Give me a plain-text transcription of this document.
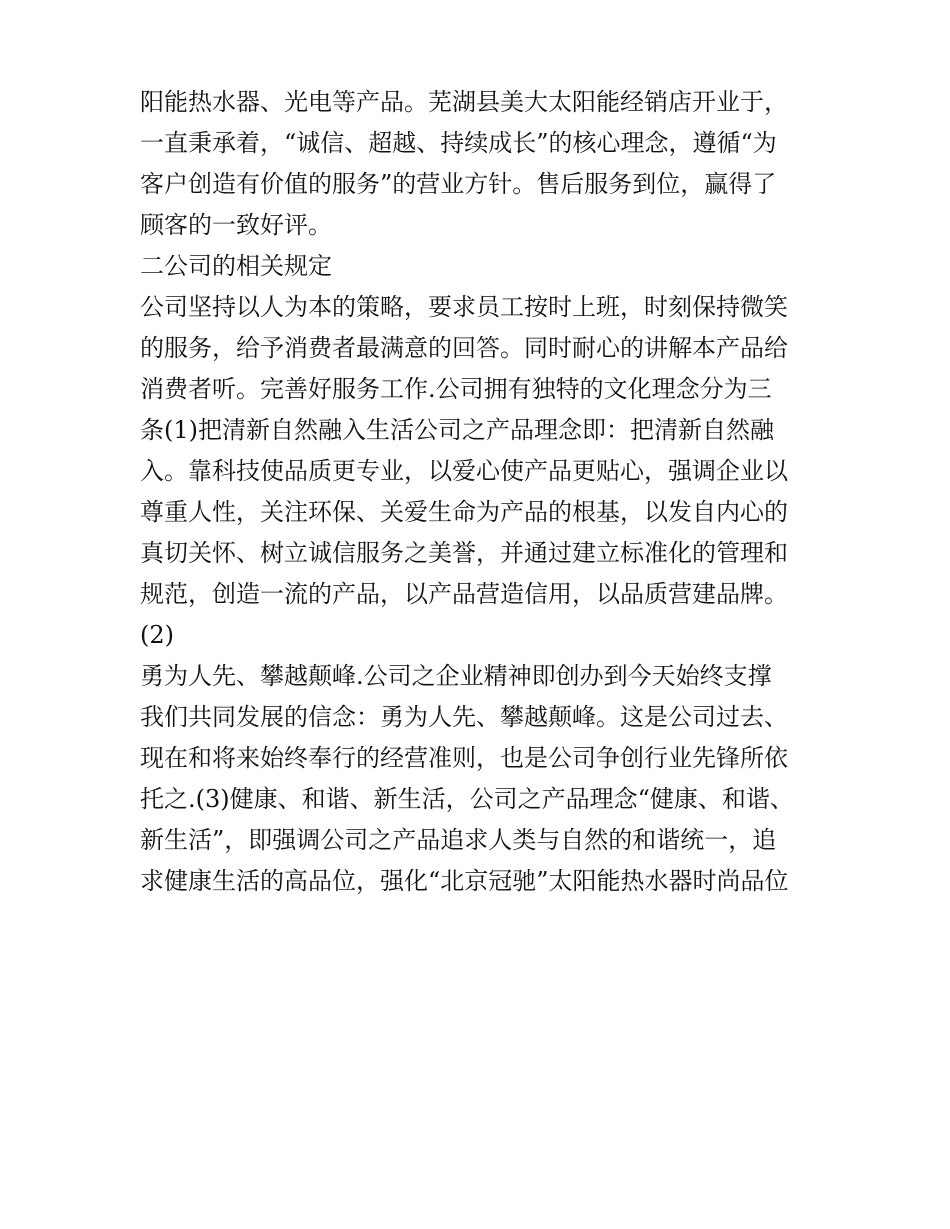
阳能热水器、光电等产品。芜湖县美大太阳能经销店开业于，
一直秉承着，“诚信、超越、持续成长”的核心理念，遵循“为
客户创造有价值的服务”的营业方针。售后服务到位，赢得了
顾客的一致好评。
二公司的相关规定
公司坚持以人为本的策略，要求员工按时上班，时刻保持微笑
的服务，给予消费者最满意的回答。同时耐心的讲解本产品给
消费者听。完善好服务工作.公司拥有独特的文化理念分为三
条(1)把清新自然融入生活公司之产品理念即：把清新自然融
入。靠科技使品质更专业，以爱心使产品更贴心，强调企业以
尊重人性，关注环保、关爱生命为产品的根基，以发自内心的
真切关怀、树立诚信服务之美誉，并通过建立标准化的管理和
规范，创造一流的产品，以产品营造信用，以品质营建品牌。
(2)
勇为人先、攀越颠峰.公司之企业精神即创办到今天始终支撑
我们共同发展的信念：勇为人先、攀越颠峰。这是公司过去、
现在和将来始终奉行的经营准则，也是公司争创行业先锋所依
托之.(3)健康、和谐、新生活，公司之产品理念“健康、和谐、
新生活”，即强调公司之产品追求人类与自然的和谐统一，追
求健康生活的高品位，强化“北京冠驰”太阳能热水器时尚品位
